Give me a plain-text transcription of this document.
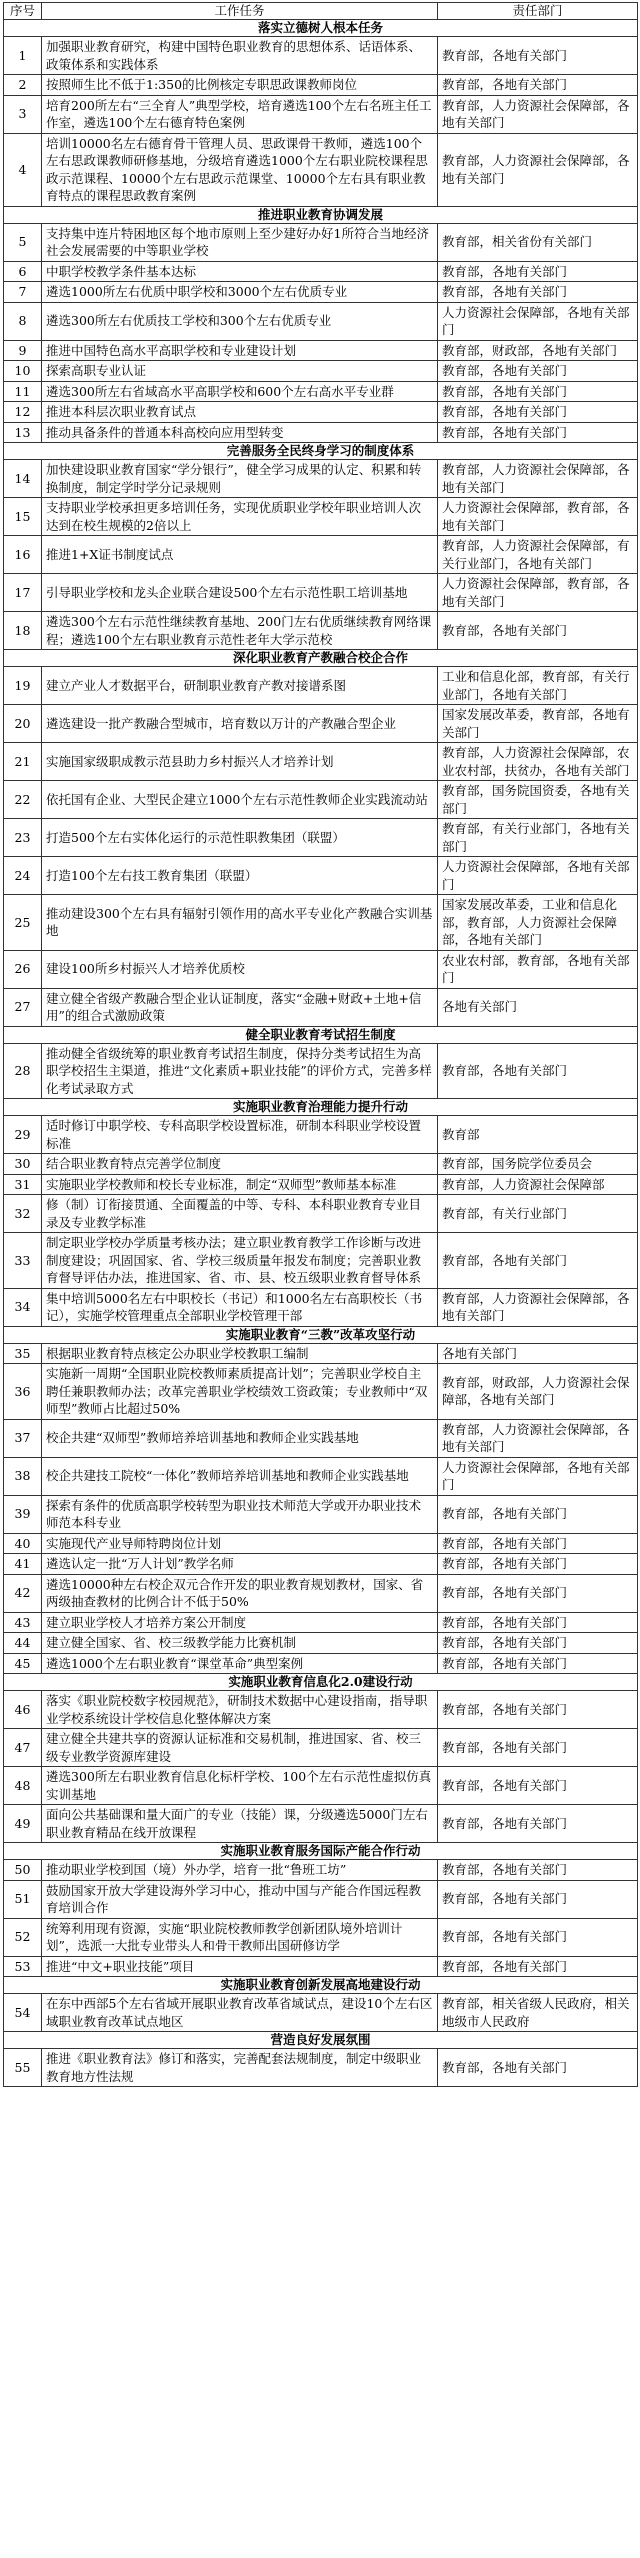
序号	工作任务	责任部门
落实立德树人根本任务		
1	加强职业教育研究，构建中国特色职业教育的思想体系、话语体系、政策体系和实践体系	教育部，各地有关部门
2	按照师生比不低于1:350的比例核定专职思政课教师岗位	教育部，各地有关部门
3	培育200所左右“三全育人”典型学校，培育遴选100个左右名班主任工作室，遴选100个左右德育特色案例	教育部，人力资源社会保障部，各地有关部门
4	培训10000名左右德育骨干管理人员、思政课骨干教师，遴选100个左右思政课教师研修基地，分级培育遴选1000个左右职业院校课程思政示范课程、10000个左右思政示范课堂、10000个左右具有职业教育特点的课程思政教育案例	教育部，人力资源社会保障部，各地有关部门
推进职业教育协调发展		
5	支持集中连片特困地区每个地市原则上至少建好办好1所符合当地经济社会发展需要的中等职业学校	教育部，相关省份有关部门
6	中职学校教学条件基本达标	教育部，各地有关部门
7	遴选1000所左右优质中职学校和3000个左右优质专业	教育部，各地有关部门
8	遴选300所左右优质技工学校和300个左右优质专业	人力资源社会保障部，各地有关部门
9	推进中国特色高水平高职学校和专业建设计划	教育部，财政部，各地有关部门
10	探索高职专业认证	教育部，各地有关部门
11	遴选300所左右省域高水平高职学校和600个左右高水平专业群	教育部，各地有关部门
12	推进本科层次职业教育试点	教育部，各地有关部门
13	推动具备条件的普通本科高校向应用型转变	教育部，各地有关部门
完善服务全民终身学习的制度体系		
14	加快建设职业教育国家“学分银行”，健全学习成果的认定、积累和转换制度，制定学时学分记录规则	教育部，人力资源社会保障部，各地有关部门
15	支持职业学校承担更多培训任务，实现优质职业学校年职业培训人次达到在校生规模的2倍以上	人力资源社会保障部，教育部，各地有关部门
16	推进1+X证书制度试点	教育部，人力资源社会保障部，有关行业部门，各地有关部门
17	引导职业学校和龙头企业联合建设500个左右示范性职工培训基地	人力资源社会保障部，教育部，各地有关部门
18	遴选300个左右示范性继续教育基地、200门左右优质继续教育网络课程；遴选100个左右职业教育示范性老年大学示范校	教育部，各地有关部门
深化职业教育产教融合校企合作		
19	建立产业人才数据平台，研制职业教育产教对接谱系图	工业和信息化部，教育部，有关行业部门，各地有关部门
20	遴选建设一批产教融合型城市，培育数以万计的产教融合型企业	国家发展改革委，教育部，各地有关部门
21	实施国家级职成教示范县助力乡村振兴人才培养计划	教育部，人力资源社会保障部，农业农村部，扶贫办，各地有关部门
22	依托国有企业、大型民企建立1000个左右示范性教师企业实践流动站	教育部，国务院国资委，各地有关部门
23	打造500个左右实体化运行的示范性职教集团（联盟）	教育部，有关行业部门，各地有关部门
24	打造100个左右技工教育集团（联盟）	人力资源社会保障部，各地有关部门
25	推动建设300个左右具有辐射引领作用的高水平专业化产教融合实训基地	国家发展改革委，工业和信息化部，教育部，人力资源社会保障部，各地有关部门
26	建设100所乡村振兴人才培养优质校	农业农村部，教育部，各地有关部门
27	建立健全省级产教融合型企业认证制度，落实“金融+财政+土地+信用”的组合式激励政策	各地有关部门
健全职业教育考试招生制度		
28	推动健全省级统筹的职业教育考试招生制度，保持分类考试招生为高职学校招生主渠道，推进“文化素质+职业技能”的评价方式，完善多样化考试录取方式	教育部，各地有关部门
实施职业教育治理能力提升行动		
29	适时修订中职学校、专科高职学校设置标准，研制本科职业学校设置标准	教育部
30	结合职业教育特点完善学位制度	教育部，国务院学位委员会
31	实施职业学校教师和校长专业标准，制定“双师型”教师基本标准	教育部，人力资源社会保障部
32	修（制）订衔接贯通、全面覆盖的中等、专科、本科职业教育专业目录及专业教学标准	教育部，有关行业部门
33	制定职业学校办学质量考核办法；建立职业教育教学工作诊断与改进制度建设；巩固国家、省、学校三级质量年报发布制度；完善职业教育督导评估办法，推进国家、省、市、县、校五级职业教育督导体系	教育部，各地有关部门
34	集中培训5000名左右中职校长（书记）和1000名左右高职校长（书记），实施学校管理重点全部职业学校管理干部	教育部，人力资源社会保障部，各地有关部门
实施职业教育“三教”改革攻坚行动		
35	根据职业教育特点核定公办职业学校教职工编制	各地有关部门
36	实施新一周期“全国职业院校教师素质提高计划”；完善职业学校自主聘任兼职教师办法；改革完善职业学校绩效工资政策；专业教师中“双师型”教师占比超过50%	教育部，财政部，人力资源社会保障部，各地有关部门
37	校企共建“双师型”教师培养培训基地和教师企业实践基地	教育部，人力资源社会保障部，各地有关部门
38	校企共建技工院校“一体化”教师培养培训基地和教师企业实践基地	人力资源社会保障部，各地有关部门
39	探索有条件的优质高职学校转型为职业技术师范大学或开办职业技术师范本科专业	教育部，各地有关部门
40	实施现代产业导师特聘岗位计划	教育部，各地有关部门
41	遴选认定一批“万人计划”教学名师	教育部，各地有关部门
42	遴选10000种左右校企双元合作开发的职业教育规划教材，国家、省两级抽查教材的比例合计不低于50%	教育部，各地有关部门
43	建立职业学校人才培养方案公开制度	教育部，各地有关部门
44	建立健全国家、省、校三级教学能力比赛机制	教育部，各地有关部门
45	遴选1000个左右职业教育“课堂革命”典型案例	教育部，各地有关部门
实施职业教育信息化2.0建设行动		
46	落实《职业院校数字校园规范》，研制技术数据中心建设指南，指导职业学校系统设计学校信息化整体解决方案	教育部，各地有关部门
47	建立健全共建共享的资源认证标准和交易机制，推进国家、省、校三级专业教学资源库建设	教育部，各地有关部门
48	遴选300所左右职业教育信息化标杆学校、100个左右示范性虚拟仿真实训基地	教育部，各地有关部门
49	面向公共基础课和量大面广的专业（技能）课，分级遴选5000门左右职业教育精品在线开放课程	教育部，各地有关部门
实施职业教育服务国际产能合作行动		
50	推动职业学校到国（境）外办学，培育一批“鲁班工坊”	教育部，各地有关部门
51	鼓励国家开放大学建设海外学习中心，推动中国与产能合作国远程教育培训合作	教育部，各地有关部门
52	统筹利用现有资源，实施“职业院校教师教学创新团队境外培训计划”，选派一大批专业带头人和骨干教师出国研修访学	教育部，各地有关部门
53	推进“中文+职业技能”项目	教育部，各地有关部门
实施职业教育创新发展高地建设行动		
54	在东中西部5个左右省域开展职业教育改革省域试点，建设10个左右区域职业教育改革试点地区	教育部，相关省级人民政府，相关地级市人民政府
营造良好发展氛围		
55	推进《职业教育法》修订和落实，完善配套法规制度，制定中级职业教育地方性法规	教育部，各地有关部门
